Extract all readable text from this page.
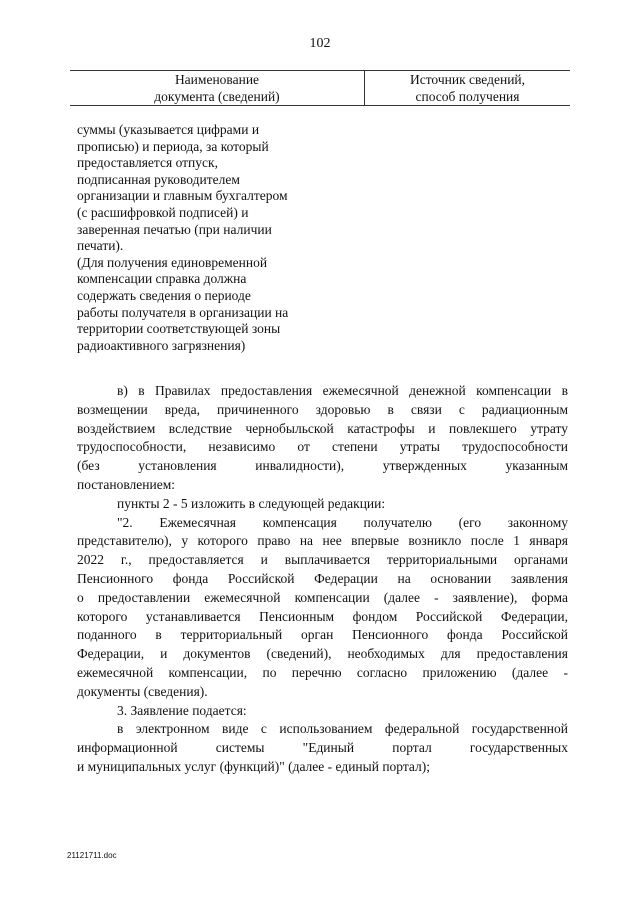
102
Наименование
документа (сведений)
Источник сведений,
способ получения
суммы (указывается цифрами и
прописью) и периода, за который
предоставляется отпуск,
подписанная руководителем
организации и главным бухгалтером
(с расшифровкой подписей) и
заверенная печатью (при наличии
печати).
(Для получения единовременной
компенсации справка должна
содержать сведения о периоде
работы получателя в организации на
территории соответствующей зоны
радиоактивного загрязнения)
в) в Правилах предоставления ежемесячной денежной компенсации в
возмещении вреда, причиненного здоровью в связи с радиационным
воздействием вследствие чернобыльской катастрофы и повлекшего утрату
трудоспособности, независимо от степени утраты трудоспособности
(без установления инвалидности), утвержденных указанным
постановлением:
пункты 2 - 5 изложить в следующей редакции:
"2. Ежемесячная компенсация получателю (его законному
представителю), у которого право на нее впервые возникло после 1 января
2022 г., предоставляется и выплачивается территориальными органами
Пенсионного фонда Российской Федерации на основании заявления
о предоставлении ежемесячной компенсации (далее - заявление), форма
которого устанавливается Пенсионным фондом Российской Федерации,
поданного в территориальный орган Пенсионного фонда Российской
Федерации, и документов (сведений), необходимых для предоставления
ежемесячной компенсации, по перечню согласно приложению (далее -
документы (сведения).
3. Заявление подается:
в электронном виде с использованием федеральной государственной
информационной системы "Единый портал государственных
и муниципальных услуг (функций)" (далее - единый портал);
21121711.doc
